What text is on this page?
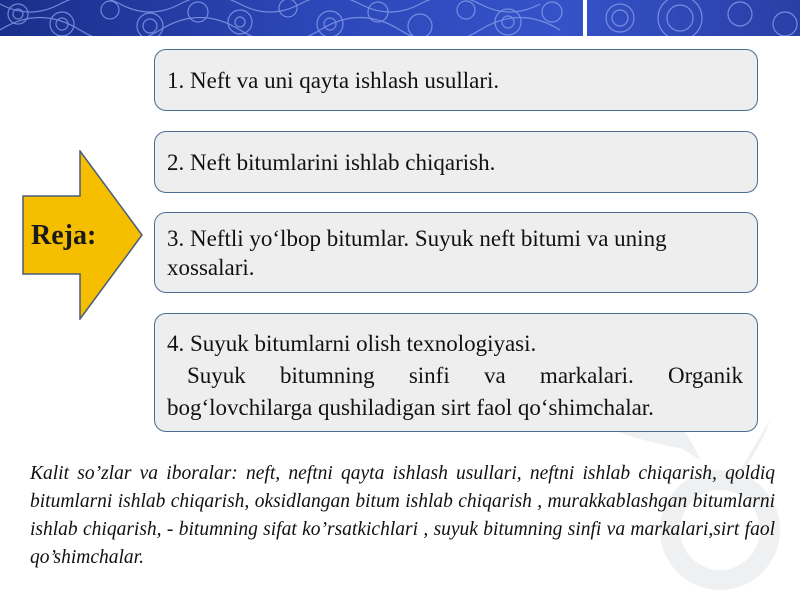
Reja:
1. Neft va uni qayta ishlash usullari.
2. Neft bitumlarini ishlab chiqarish.
3. Neftli yo‘lbop bitumlar. Suyuk neft bitumi va uning xossalari.
4. Suyuk bitumlarni olish texnologiyasi.
Suyuk bitumning sinfi va markalari. Organik bog‘lovchilarga qushiladigan sirt faol qo‘shimchalar.
Kalit so’zlar va iboralar: neft, neftni qayta ishlash usullari, neftni ishlab chiqarish, qoldiq bitumlarni ishlab chiqarish, oksidlangan bitum ishlab chiqarish , murakkablashgan bitumlarni ishlab chiqarish, - bitumning sifat ko’rsatkichlari , suyuk bitumning sinfi va markalari,sirt faol qo’shimchalar.
